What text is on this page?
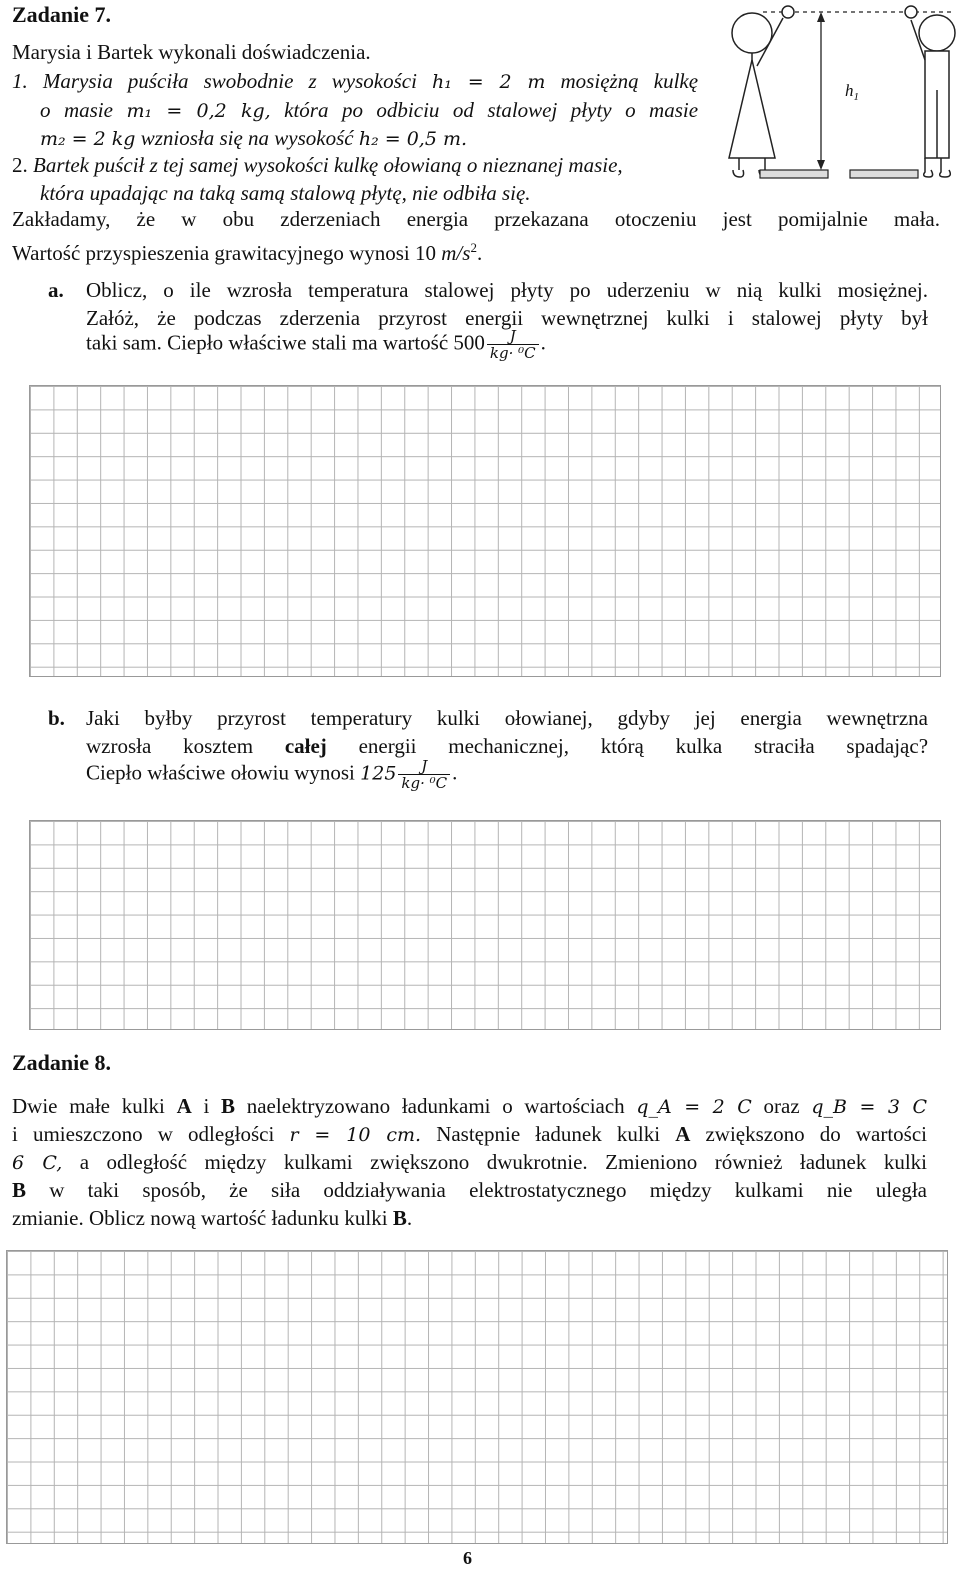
Zadanie 7.
Marysia i Bartek wykonali doświadczenia.
1. Marysia puściła swobodnie z wysokości h₁ = 2 m mosiężną kulkę
o masie m₁ = 0,2 kg, która po odbiciu od stalowej płyty o masie
m₂ = 2 kg wzniosła się na wysokość h₂ = 0,5 m.
2. Bartek puścił z tej samej wysokości kulkę ołowianą o nieznanej masie,
która upadając na taką samą stalową płytę, nie odbiła się.
Zakładamy, że w obu zderzeniach energia przekazana otoczeniu jest pomijalnie mała.
Wartość przyspieszenia grawitacyjnego wynosi 10 $m/s^2$.
$h_1$
a. Oblicz, o ile wzrosła temperatura stalowej płyty po uderzeniu w nią kulki mosiężnej.
Załóż, że podczas zderzenia przyrost energii wewnętrznej kulki i stalowej płyty był
taki sam. Ciepło właściwe stali ma wartość $500 \frac{J}{\text{kg· ⁰C}}$ .
b. Jaki byłby przyrost temperatury kulki ołowianej, gdyby jej energia wewnętrzna
wzrosła kosztem całej energii mechanicznej, którą kulka straciła spadając?
Ciepło właściwe ołowiu wynosi $125 \frac{J}{\text{kg· ⁰C}}$ .
Zadanie 8.
Dwie małe kulki A i B naelektryzowano ładunkami o wartościach q_A = 2 C oraz q_B = 3 C
i umieszczono w odległości r = 10 cm. Następnie ładunek kulki A zwiększono do wartości
6 C, a odległość między kulkami zwiększono dwukrotnie. Zmieniono również ładunek kulki
B w taki sposób, że siła oddziaływania elektrostatycznego między kulkami nie uległa
zmianie. Oblicz nową wartość ładunku kulki B.
6
